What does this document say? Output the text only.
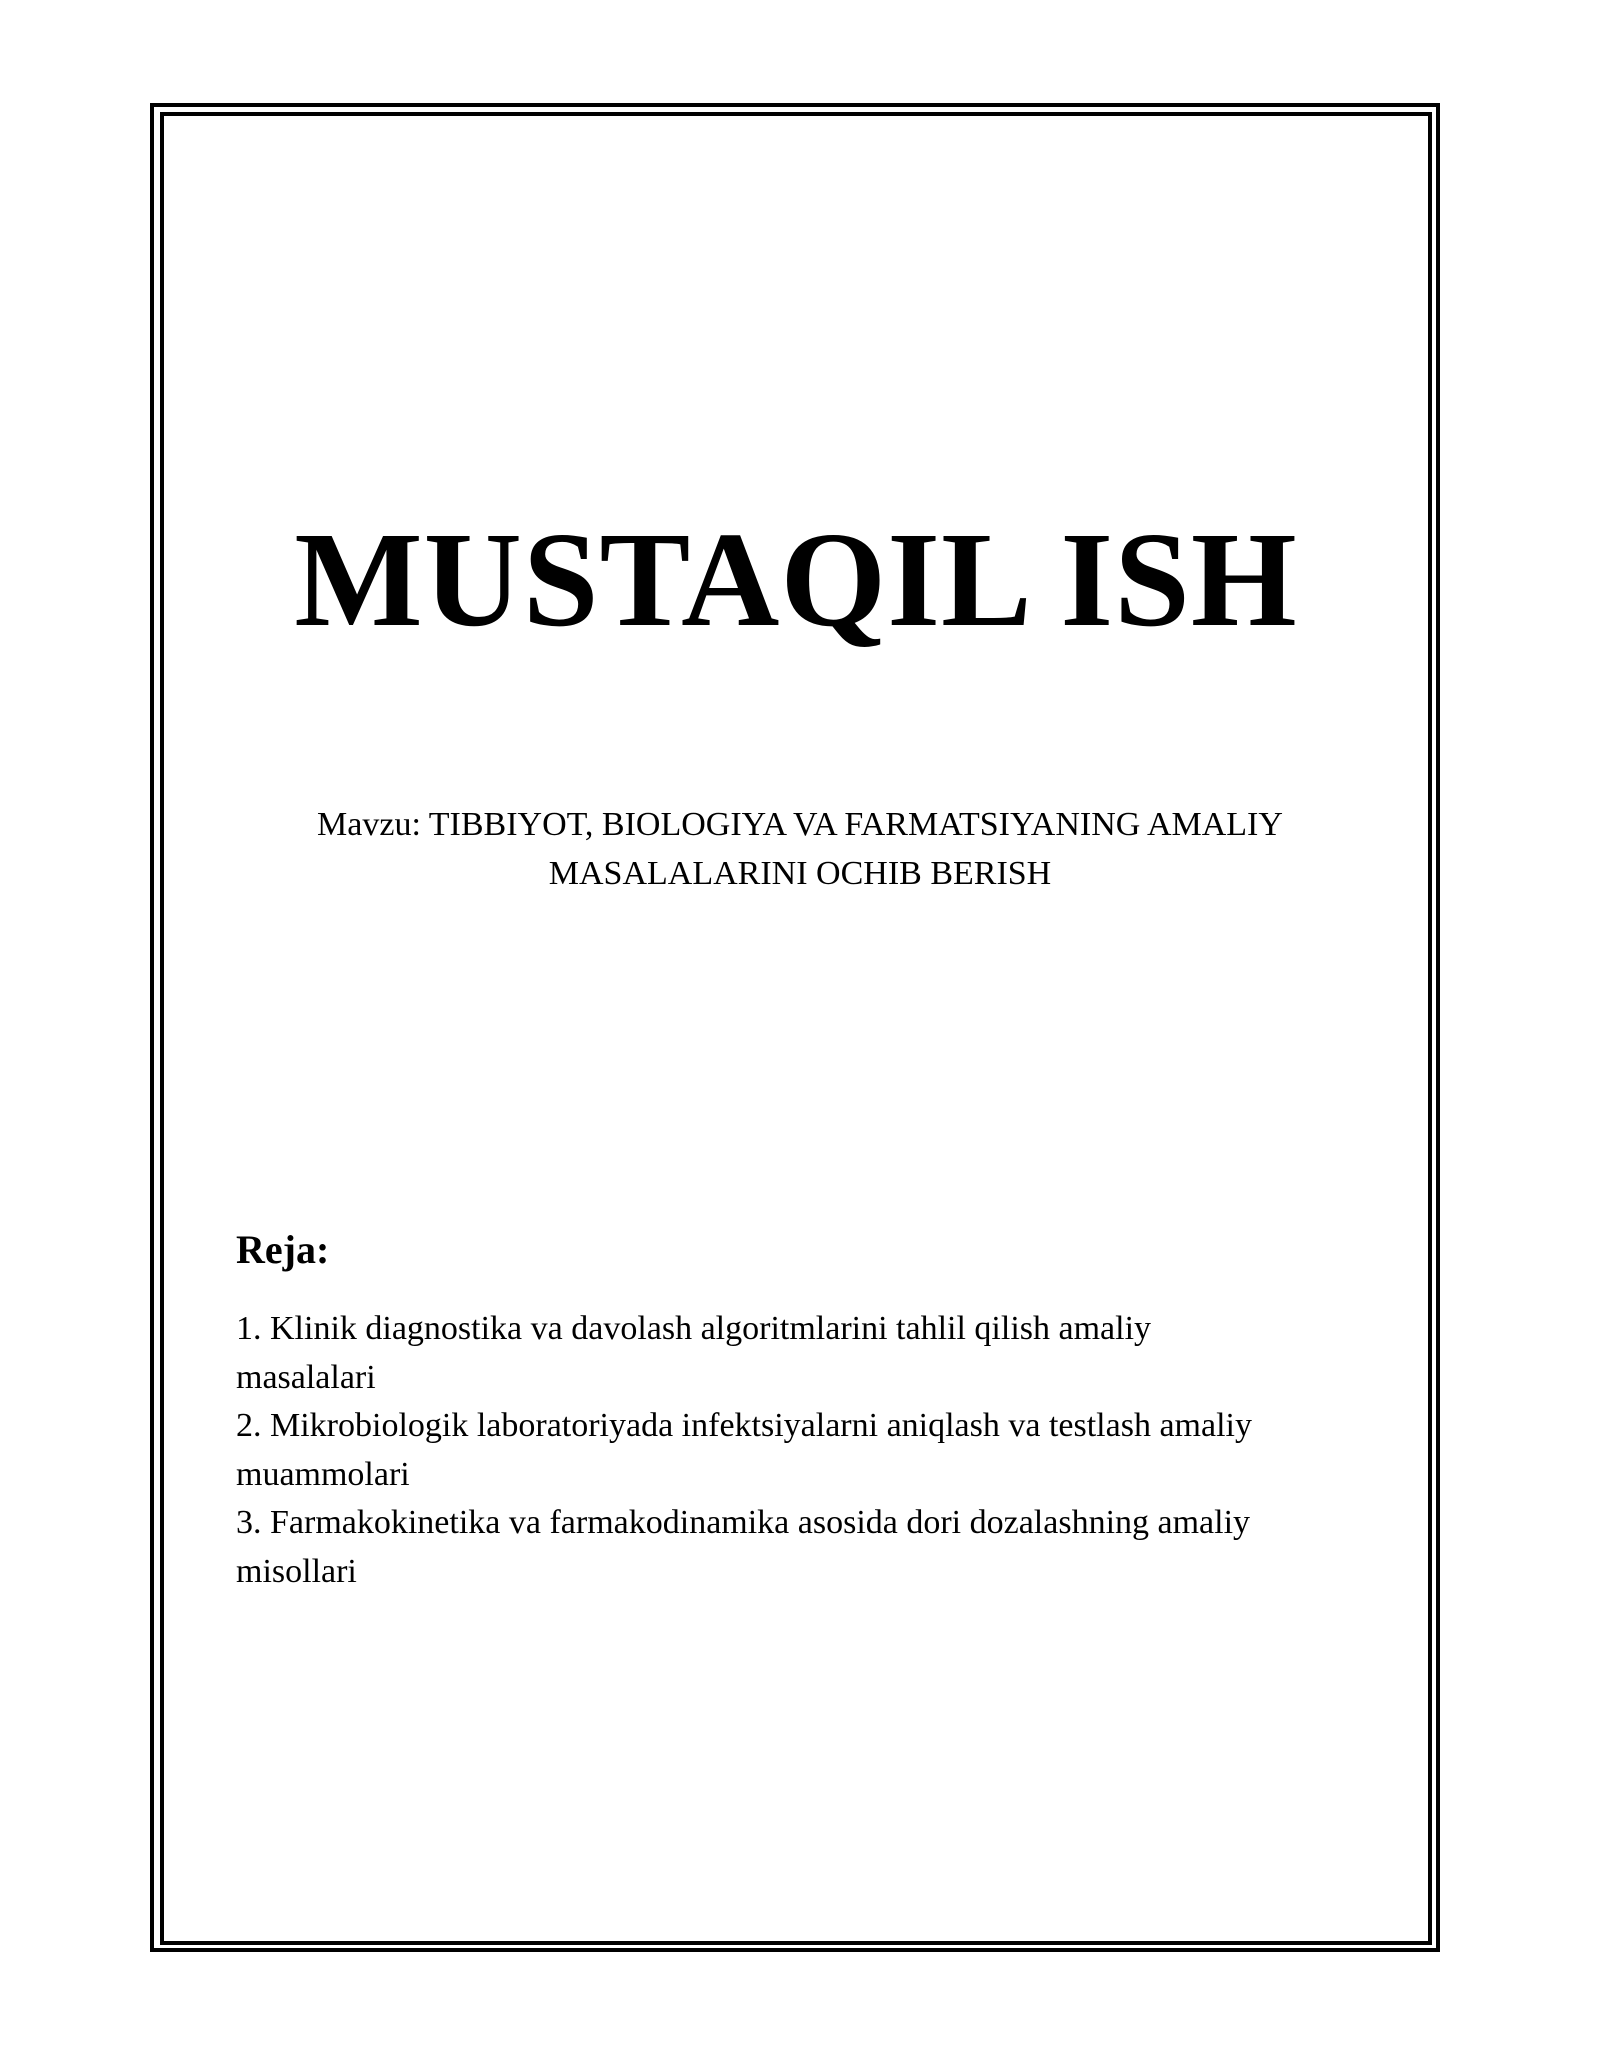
MUSTAQIL ISH

Mavzu: TIBBIYOT, BIOLOGIYA VA FARMATSIYANING AMALIY
MASALALARINI OCHIB BERISH

Reja:
1. Klinik diagnostika va davolash algoritmlarini tahlil qilish amaliy
masalalari
2. Mikrobiologik laboratoriyada infektsiyalarni aniqlash va testlash amaliy
muammolari
3. Farmakokinetika va farmakodinamika asosida dori dozalashning amaliy
misollari
